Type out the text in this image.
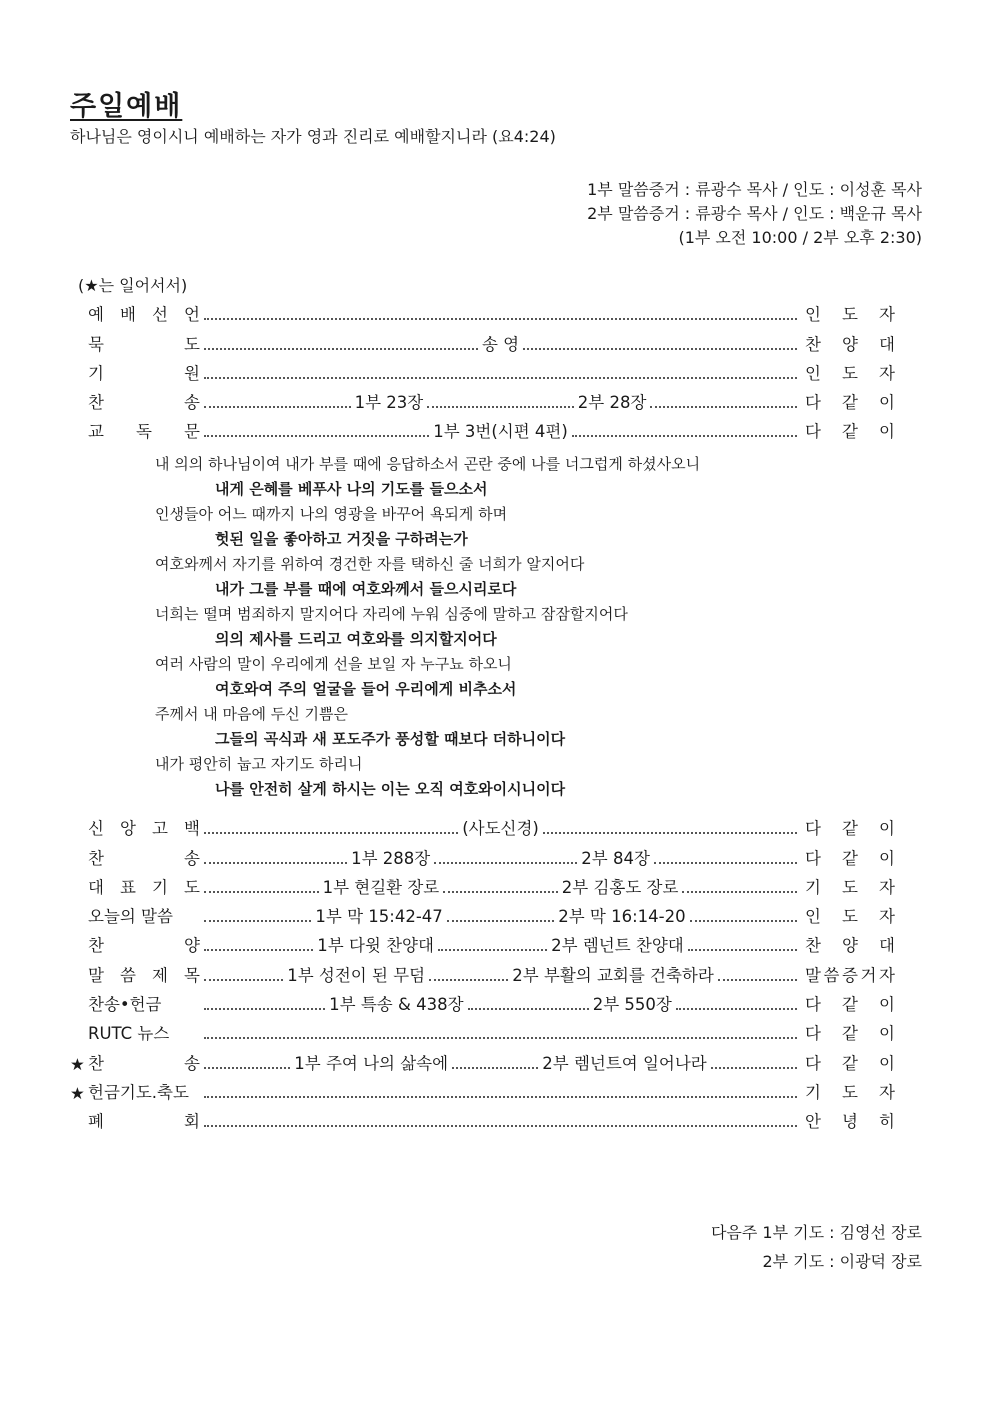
주일예배
하나님은 영이시니 예배하는 자가 영과 진리로 예배할지니라 (요4:24)
1부 말씀증거 : 류광수 목사 / 인도 : 이성훈 목사
2부 말씀증거 : 류광수 목사 / 인도 : 백운규 목사
(1부 오전 10:00 / 2부 오후 2:30)
(★는 일어서서)
예 배 선 언	인 도 자
묵	도	송 영	찬 양 대
기	원	인 도 자
찬	송	1부 23장	2부 28장	다 같 이
교 독 문	1부 3번(시편 4편)	다 같 이
내 의의 하나님이여 내가 부를 때에 응답하소서 곤란 중에 나를 너그럽게 하셨사오니
내게 은혜를 베푸사 나의 기도를 들으소서
인생들아 어느 때까지 나의 영광을 바꾸어 욕되게 하며
헛된 일을 좋아하고 거짓을 구하려는가
여호와께서 자기를 위하여 경건한 자를 택하신 줄 너희가 알지어다
내가 그를 부를 때에 여호와께서 들으시리로다
너희는 떨며 범죄하지 말지어다 자리에 누워 심중에 말하고 잠잠할지어다
의의 제사를 드리고 여호와를 의지할지어다
여러 사람의 말이 우리에게 선을 보일 자 누구뇨 하오니
여호와여 주의 얼굴을 들어 우리에게 비추소서
주께서 내 마음에 두신 기쁨은
그들의 곡식과 새 포도주가 풍성할 때보다 더하니이다
내가 평안히 눕고 자기도 하리니
나를 안전히 살게 하시는 이는 오직 여호와이시니이다
신 앙 고 백	(사도신경)	다 같 이
찬	송	1부 288장	2부 84장	다 같 이
대 표 기 도	1부 현길환 장로	2부 김홍도 장로	기 도 자
오늘의 말씀	1부 막 15:42-47	2부 막 16:14-20	인 도 자
찬	양	1부 다윗 찬양대	2부 렘넌트 찬양대	찬 양 대
말 씀 제 목	1부 성전이 된 무덤	2부 부활의 교회를 건축하라	말 씀 증 거 자
찬송•헌금	1부 특송 & 438장	2부 550장	다 같 이
RUTC 뉴스	다 같 이
★ 찬	송	1부 주여 나의 삶속에	2부 렘넌트여 일어나라	다 같 이
★ 헌금기도.축도	기 도 자
폐	회	안 녕 히
다음주 1부 기도 : 김영선 장로
2부 기도 : 이광덕 장로
